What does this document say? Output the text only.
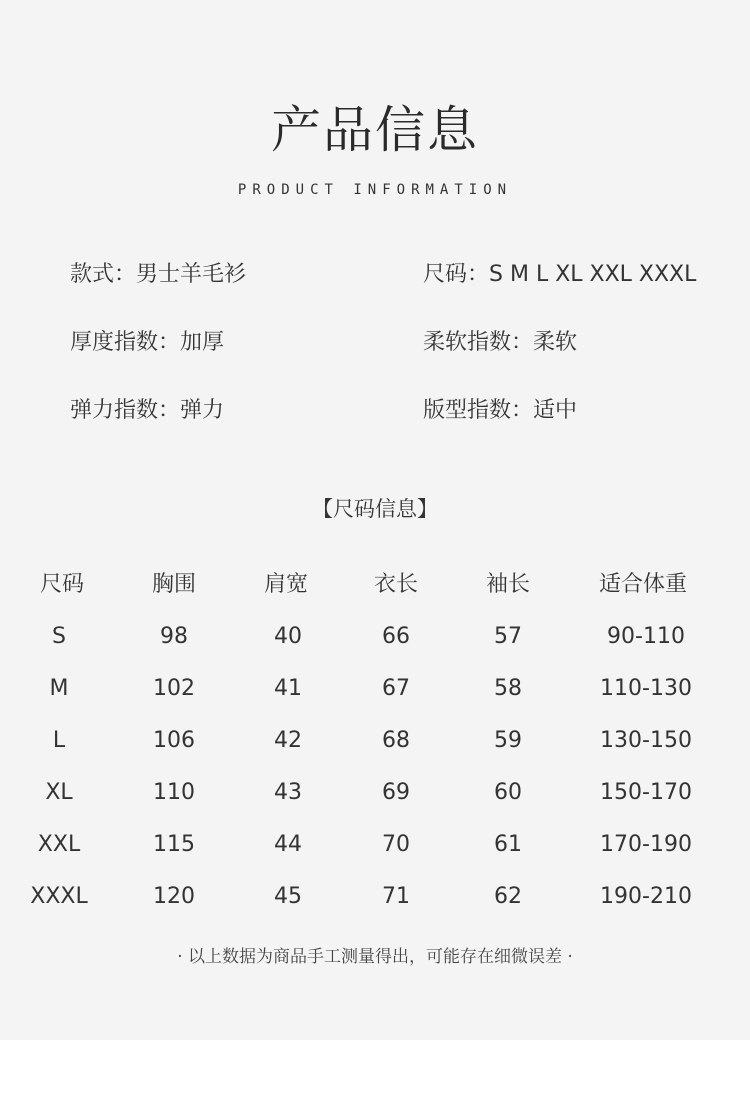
产品信息
PRODUCT INFORMATION
款式：男士羊毛衫	尺码：S M L XL XXL XXXL
厚度指数：加厚	柔软指数：柔软
弹力指数：弹力	版型指数：适中
【尺码信息】
尺码	胸围	肩宽	衣长	袖长	适合体重
S	98	40	66	57	90-110
M	102	41	67	58	110-130
L	106	42	68	59	130-150
XL	110	43	69	60	150-170
XXL	115	44	70	61	170-190
XXXL	120	45	71	62	190-210
· 以上数据为商品手工测量得出，可能存在细微误差 ·
